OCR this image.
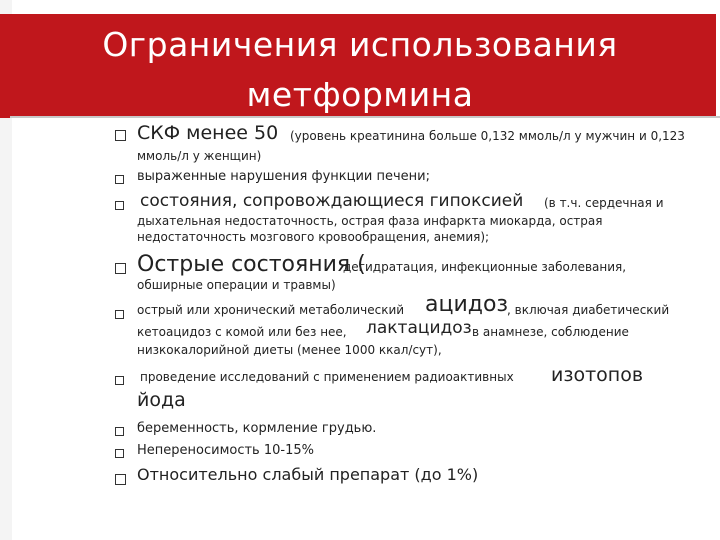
Ограничения использования
метформина
СКФ менее 50 (уровень креатинина больше 0,132 ммоль/л у мужчин и 0,123
ммоль/л у женщин)
выраженные нарушения функции печени;
состояния, сопровождающиеся гипоксией (в т.ч. сердечная и
дыхательная недостаточность, острая фаза инфаркта миокарда, острая
недостаточность мозгового кровообращения, анемия);
Острые состояния (
дегидратация, инфекционные заболевания,
обширные операции и травмы)
острый или хронический метаболический ацидоз
, включая диабетический
кетоацидоз с комой или без нее, лактацидоз в анамнезе, соблюдение
низкокалорийной диеты (менее 1000 ккал/сут),
проведение исследований с применением радиоактивных изотопов
йода
беременность, кормление грудью.
Непереносимость 10-15%
Относительно слабый препарат (до 1%)
